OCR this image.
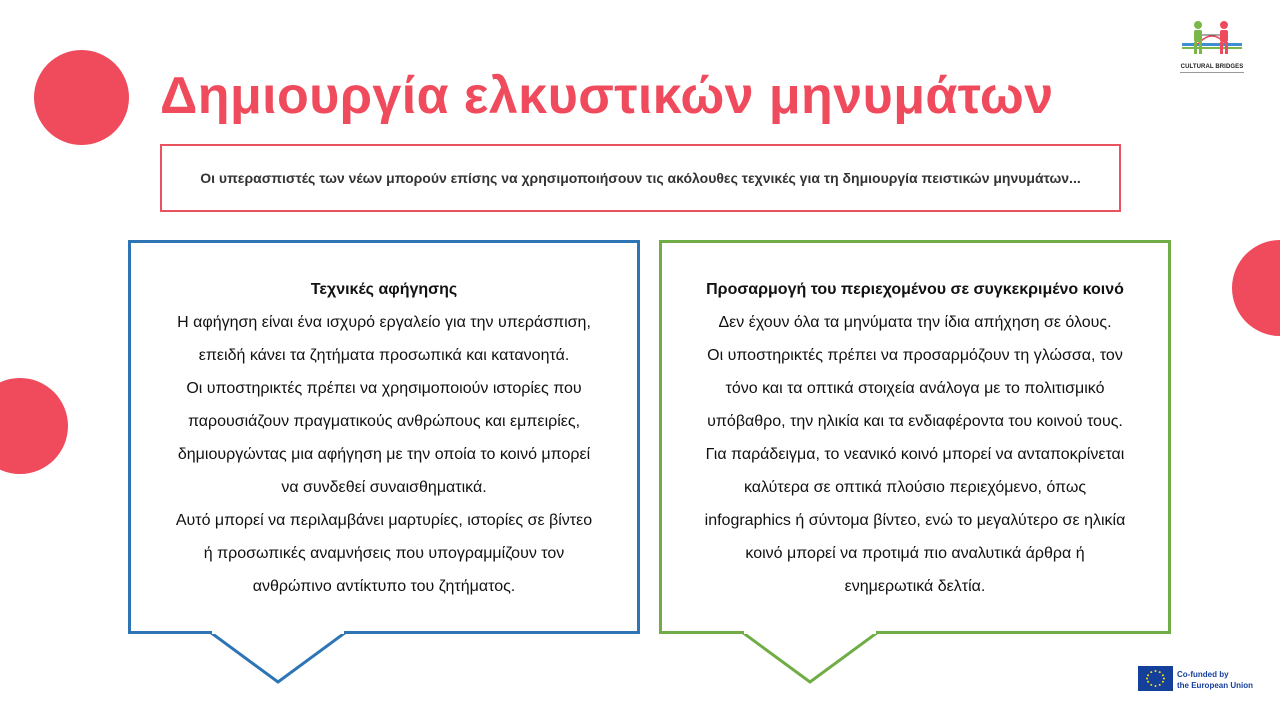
CULTURAL BRIDGES
Δημιουργία ελκυστικών μηνυμάτων
Οι υπερασπιστές των νέων μπορούν επίσης να χρησιμοποιήσουν τις ακόλουθες τεχνικές για τη δημιουργία πειστικών μηνυμάτων...

Τεχνικές αφήγησης

Η αφήγηση είναι ένα ισχυρό εργαλείο για την υπεράσπιση,

επειδή κάνει τα ζητήματα προσωπικά και κατανοητά.

Οι υποστηρικτές πρέπει να χρησιμοποιούν ιστορίες που

παρουσιάζουν πραγματικούς ανθρώπους και εμπειρίες,

δημιουργώντας μια αφήγηση με την οποία το κοινό μπορεί

να συνδεθεί συναισθηματικά.

Αυτό μπορεί να περιλαμβάνει μαρτυρίες, ιστορίες σε βίντεο

ή προσωπικές αναμνήσεις που υπογραμμίζουν τον

ανθρώπινο αντίκτυπο του ζητήματος.

Προσαρμογή του περιεχομένου σε συγκεκριμένο κοινό

Δεν έχουν όλα τα μηνύματα την ίδια απήχηση σε όλους.

Οι υποστηρικτές πρέπει να προσαρμόζουν τη γλώσσα, τον

τόνο και τα οπτικά στοιχεία ανάλογα με το πολιτισμικό

υπόβαθρο, την ηλικία και τα ενδιαφέροντα του κοινού τους.

Για παράδειγμα, το νεανικό κοινό μπορεί να ανταποκρίνεται

καλύτερα σε οπτικά πλούσιο περιεχόμενο, όπως

infographics ή σύντομα βίντεο, ενώ το μεγαλύτερο σε ηλικία

κοινό μπορεί να προτιμά πιο αναλυτικά άρθρα ή

ενημερωτικά δελτία.

Co-funded by
the European Union
